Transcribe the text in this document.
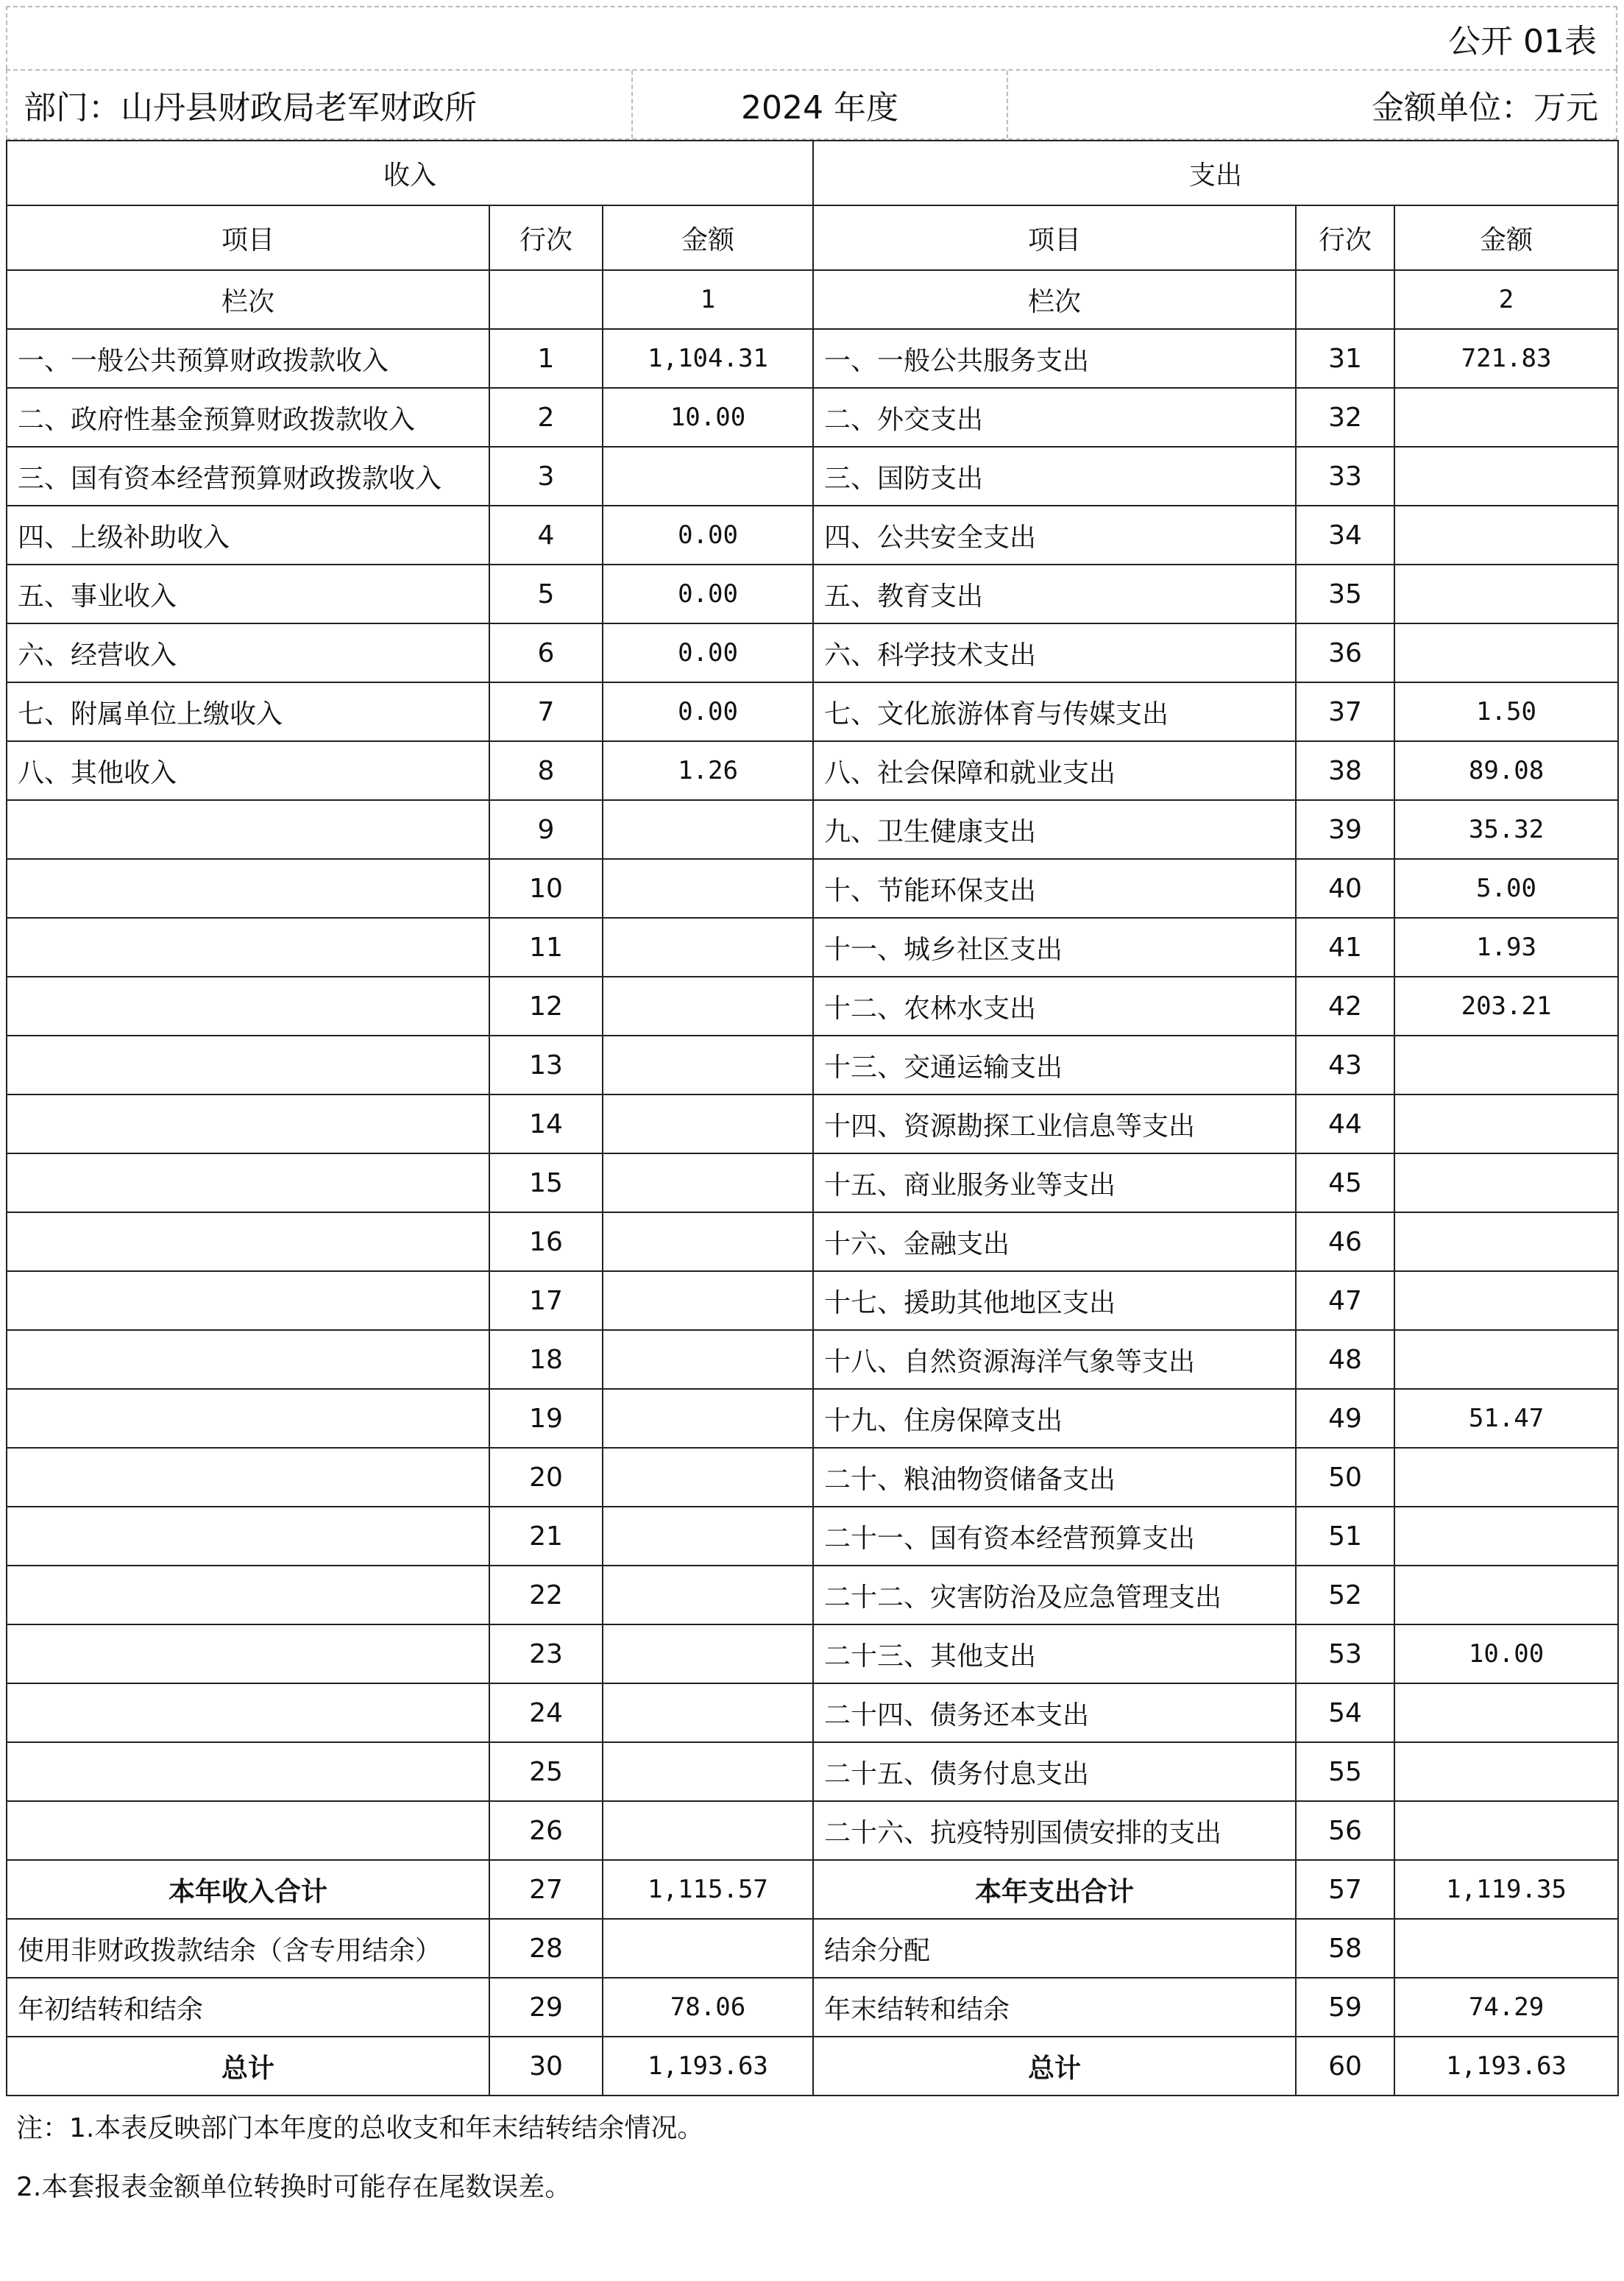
公开 01表
部门：山丹县财政局老军财政所	2024 年度	金额单位：万元
收入			支出		
项目	行次	金额	项目	行次	金额
栏次		1	栏次		2
一、一般公共预算财政拨款收入	1	1,104.31	一、一般公共服务支出	31	721.83
二、政府性基金预算财政拨款收入	2	10.00	二、外交支出	32	
三、国有资本经营预算财政拨款收入	3		三、国防支出	33	
四、上级补助收入	4	0.00	四、公共安全支出	34	
五、事业收入	5	0.00	五、教育支出	35	
六、经营收入	6	0.00	六、科学技术支出	36	
七、附属单位上缴收入	7	0.00	七、文化旅游体育与传媒支出	37	1.50
八、其他收入	8	1.26	八、社会保障和就业支出	38	89.08
	9		九、卫生健康支出	39	35.32
	10		十、节能环保支出	40	5.00
	11		十一、城乡社区支出	41	1.93
	12		十二、农林水支出	42	203.21
	13		十三、交通运输支出	43	
	14		十四、资源勘探工业信息等支出	44	
	15		十五、商业服务业等支出	45	
	16		十六、金融支出	46	
	17		十七、援助其他地区支出	47	
	18		十八、自然资源海洋气象等支出	48	
	19		十九、住房保障支出	49	51.47
	20		二十、粮油物资储备支出	50	
	21		二十一、国有资本经营预算支出	51	
	22		二十二、灾害防治及应急管理支出	52	
	23		二十三、其他支出	53	10.00
	24		二十四、债务还本支出	54	
	25		二十五、债务付息支出	55	
	26		二十六、抗疫特别国债安排的支出	56	
本年收入合计	27	1,115.57	本年支出合计	57	1,119.35
使用非财政拨款结余（含专用结余）	28		结余分配	58	
年初结转和结余	29	78.06	年末结转和结余	59	74.29
总计	30	1,193.63	总计	60	1,193.63
注：1.本表反映部门本年度的总收支和年末结转结余情况。
2.本套报表金额单位转换时可能存在尾数误差。
